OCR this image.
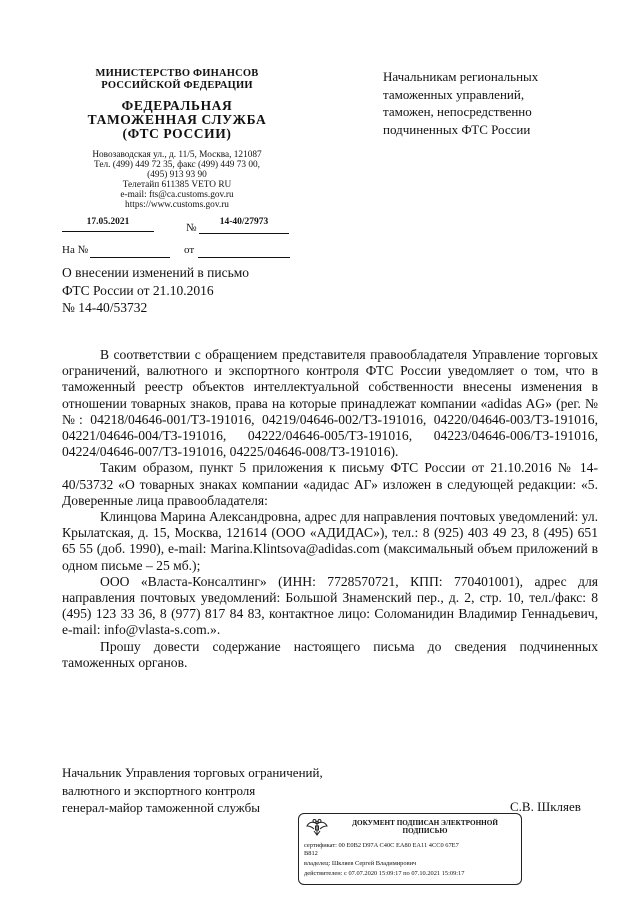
МИНИСТЕРСТВО ФИНАНСОВ
РОССИЙСКОЙ ФЕДЕРАЦИИ
ФЕДЕРАЛЬНАЯ
ТАМОЖЕННАЯ СЛУЖБА
(ФТС РОССИИ)
Новозаводская ул., д. 11/5, Москва, 121087
Тел. (499) 449 72 35, факс (499) 449 73 00,
(495) 913 93 90
Телетайп 611385 VETO RU
e-mail: fts@ca.customs.gov.ru
https://www.customs.gov.ru
17.05.2021	№	14-40/27973
На №	от
Начальникам региональных
таможенных управлений,
таможен, непосредственно
подчиненных ФТС России
О внесении изменений в письмо
ФТС России от 21.10.2016
№ 14-40/53732

В соответствии с обращением представителя правообладателя Управление торговых ограничений, валютного и экспортного контроля ФТС России уведомляет о том, что в таможенный реестр объектов интеллектуальной собственности внесены изменения в отношении товарных знаков, права на которые принадлежат компании «adidas AG» (рег. №№: 04218/04646-001/ТЗ-191016, 04219/04646-002/ТЗ-191016, 04220/04646-003/ТЗ-191016, 04221/04646-004/ТЗ-191016, 04222/04646-005/ТЗ-191016, 04223/04646-006/ТЗ-191016, 04224/04646-007/ТЗ-191016, 04225/04646-008/ТЗ-191016).

Таким образом, пункт 5 приложения к письму ФТС России от 21.10.2016 № 14-40/53732 «О товарных знаках компании «адидас АГ» изложен в следующей редакции: «5. Доверенные лица правообладателя:

Клинцова Марина Александровна, адрес для направления почтовых уведомлений: ул. Крылатская, д. 15, Москва, 121614 (ООО «АДИДАС»), тел.: 8 (925) 403 49 23, 8 (495) 651 65 55 (доб. 1990), e-mail: Marina.Klintsova@adidas.com (максимальный объем приложений в одном письме – 25 мб.);

ООО «Власта-Консалтинг» (ИНН: 7728570721, КПП: 770401001), адрес для направления почтовых уведомлений: Большой Знаменский пер., д. 2, стр. 10, тел./факс: 8 (495) 123 33 36, 8 (977) 817 84 83, контактное лицо: Соломанидин Владимир Геннадьевич, e-mail: info@vlasta-s.com.».

Прошу довести содержание настоящего письма до сведения подчиненных таможенных органов.

Начальник Управления торговых ограничений,
валютного и экспортного контроля
генерал-майор таможенной службы	С.В. Шкляев
ДОКУМЕНТ ПОДПИСАН ЭЛЕКТРОННОЙ
ПОДПИСЬЮ
сертификат: 00 E0B2 D97A C40C EA80 EA11 4CC0 67E7
B812
владелец: Шкляев Сергей Владимирович
действителен: с 07.07.2020 15:09:17 по 07.10.2021 15:09:17
